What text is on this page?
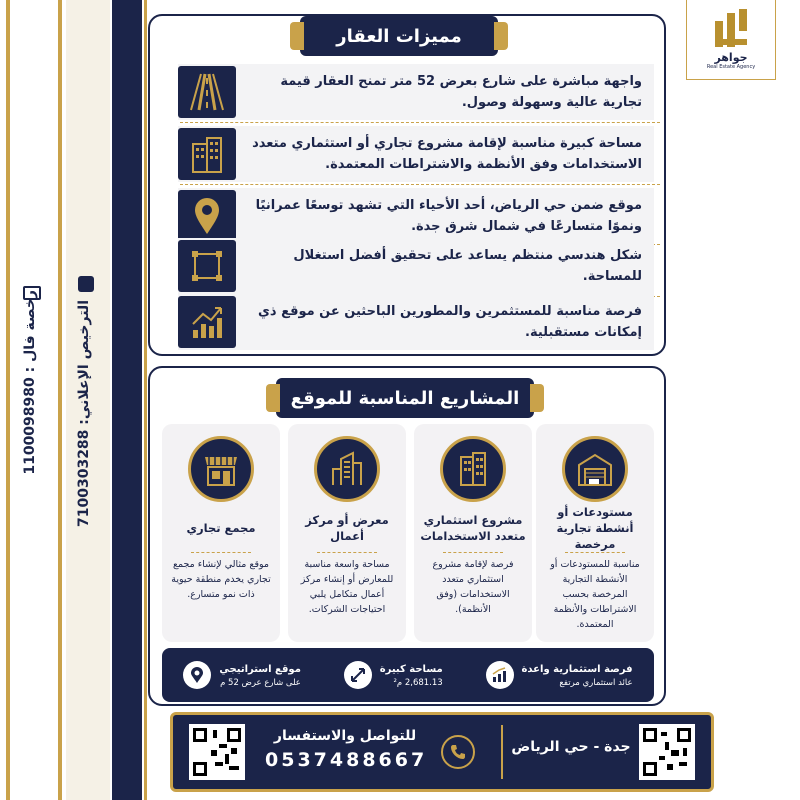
رخصة فال : 1100098980
الترخيص الإعلاني: 7100303288
جواهر
Real Estate Agency
مميزات العقار
واجهة مباشرة على شارع بعرض 52 متر تمنح العقار قيمة تجارية عالية وسهولة وصول.
مساحة كبيرة مناسبة لإقامة مشروع تجاري أو استثماري متعدد الاستخدامات وفق الأنظمة والاشتراطات المعتمدة.
موقع ضمن حي الرياض، أحد الأحياء التي تشهد توسعًا عمرانيًا ونموًا متسارعًا في شمال شرق جدة.
شكل هندسي منتظم يساعد على تحقيق أفضل استغلال للمساحة.
فرصة مناسبة للمستثمرين والمطورين الباحثين عن موقع ذي إمكانات مستقبلية.
المشاريع المناسبة للموقع
مستودعات أو أنشطة تجارية مرخصة
مناسبة للمستودعات أو الأنشطة التجارية المرخصة بحسب الاشتراطات والأنظمة المعتمدة.
مشروع استثماري متعدد الاستخدامات
فرصة لإقامة مشروع استثماري متعدد الاستخدامات (وفق الأنظمة).
معرض أو مركز أعمال
مساحة واسعة مناسبة للمعارض أو إنشاء مركز أعمال متكامل يلبي احتياجات الشركات.
مجمع تجاري
موقع مثالي لإنشاء مجمع تجاري يخدم منطقة حيوية ذات نمو متسارع.
فرصة استثمارية واعدة
عائد استثماري مرتفع
مساحة كبيرة
2,681.13 م²
موقع استراتيجي
على شارع عرض 52 م
للتواصل والاستفسار
0537488667
جدة - حي الرياض
